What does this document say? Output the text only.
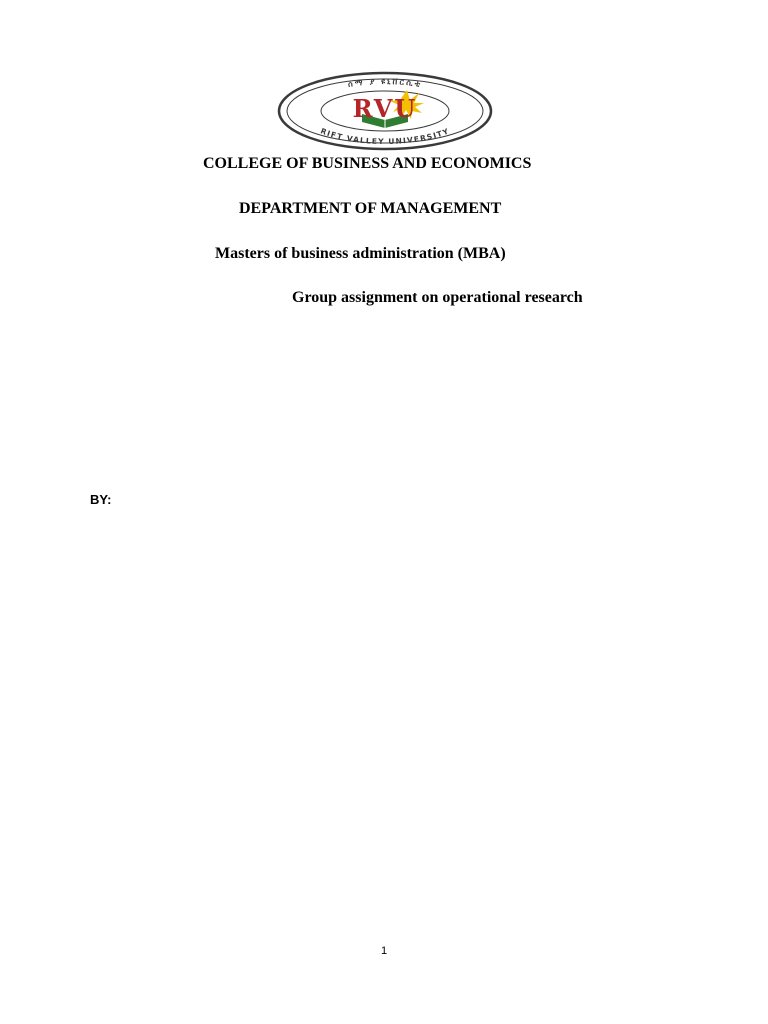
ሰማ ያ ዩኒቨርሲቲ
RIFT VALLEY UNIVERSITY
RVU
COLLEGE OF BUSINESS AND ECONOMICS
DEPARTMENT OF MANAGEMENT
Masters of business administration (MBA)
Group assignment on operational research
BY:
1
